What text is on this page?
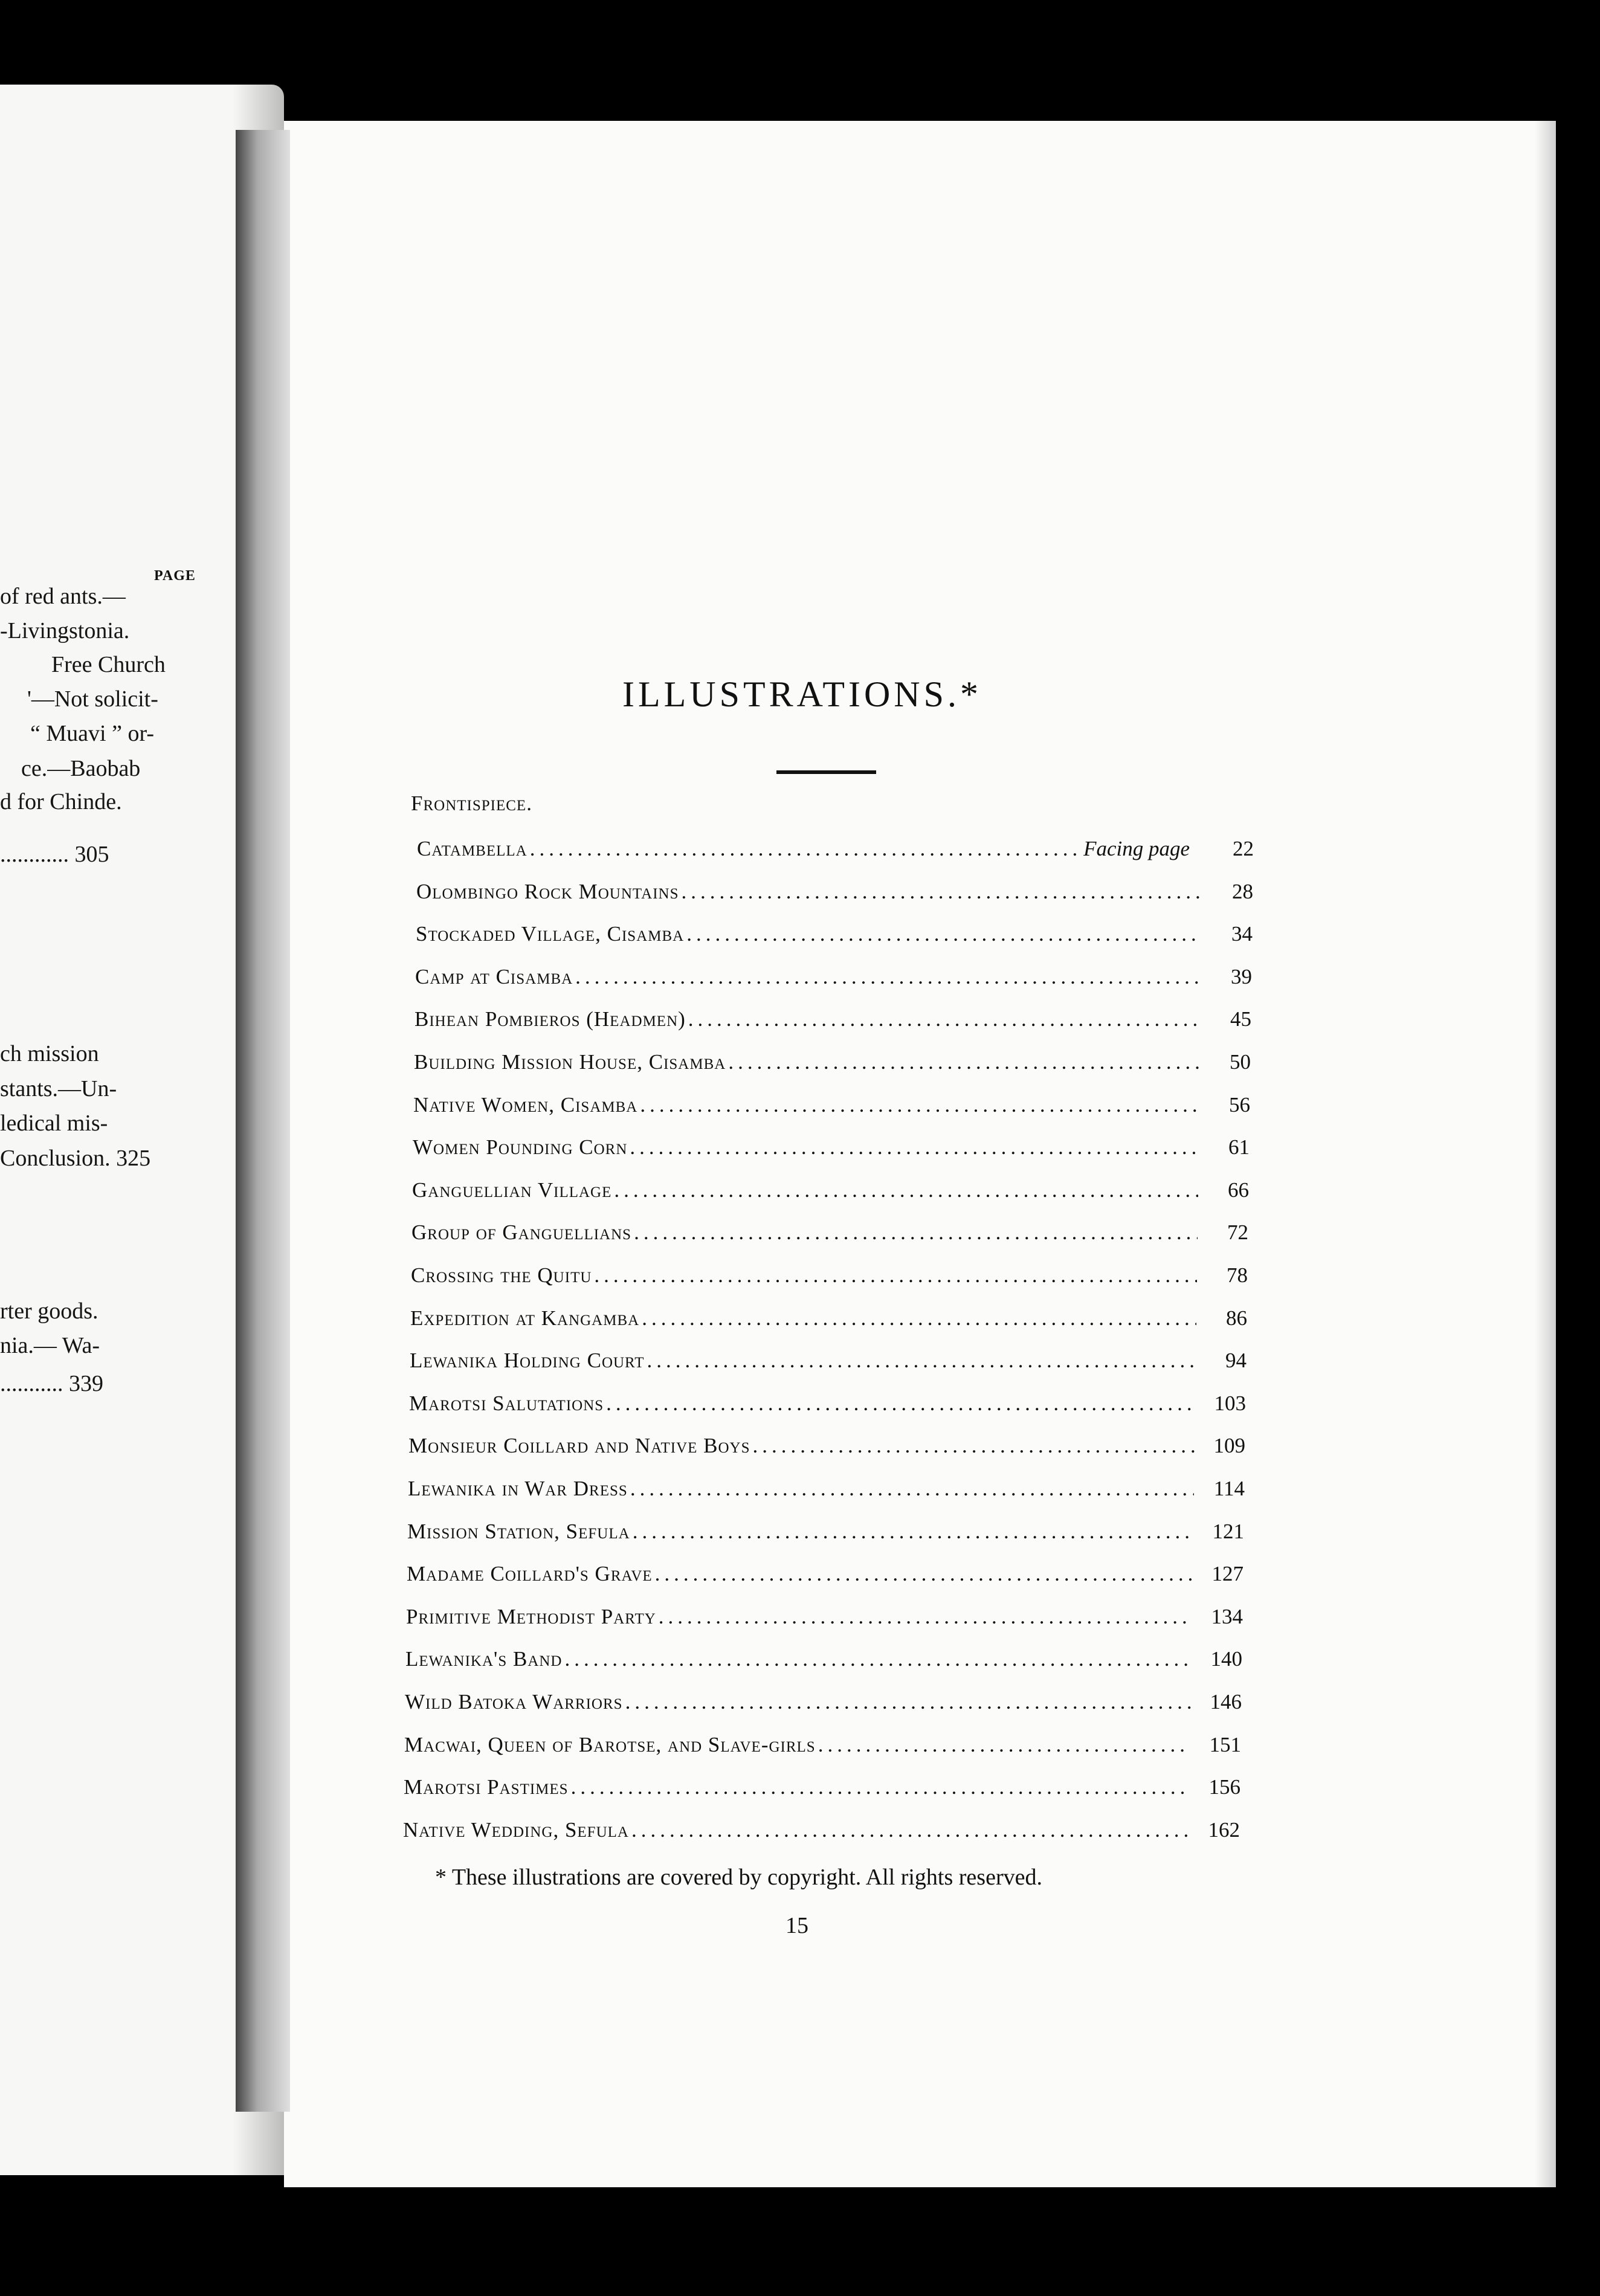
PAGE
of red ants.—
-Livingstonia.
Free Church
'—Not solicit-
“ Muavi ” or-
ce.—Baobab
d for Chinde.
............ 305
ch mission
stants.—Un-
ledical mis-
Conclusion. 325
rter goods.
nia.— Wa-
........... 339
ILLUSTRATIONS.*
Frontispiece.
Catambella .....	Facing page	22
Olombingo Rock Mountains .....	28
Stockaded Village, Cisamba .....	34
Camp at Cisamba .....	39
Bihean Pombieros (Headmen) .....	45
Building Mission House, Cisamba .....	50
Native Women, Cisamba .....	56
Women Pounding Corn .....	61
Ganguellian Village .....	66
Group of Ganguellians .....	72
Crossing the Quitu .....	78
Expedition at Kangamba .....	86
Lewanika Holding Court .....	94
Marotsi Salutations .....	103
Monsieur Coillard and Native Boys .....	109
Lewanika in War Dress .....	114
Mission Station, Sefula .....	121
Madame Coillard's Grave .....	127
Primitive Methodist Party .....	134
Lewanika's Band .....	140
Wild Batoka Warriors .....	146
Macwai, Queen of Barotse, and Slave-girls .....	151
Marotsi Pastimes .....	156
Native Wedding, Sefula .....	162
* These illustrations are covered by copyright. All rights reserved.
15
